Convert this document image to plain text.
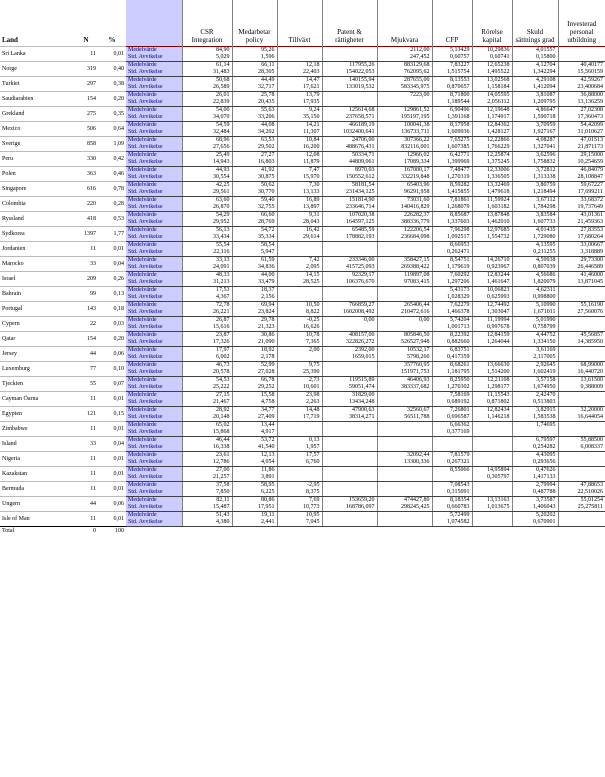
Land	N	%		CSR Integration	Medarbetar policy	Tillväxt	Patent & rättigheter	Mjukvara	CFP	Rörelse kapital	Skuld sättnings grad	Investerad personal utbildning
Sri Lanka	11	0,01	Medelvärde	84,90	95,26			2112,00	5,13429	10,29836	4,01557	
			Std. Avvikelse	5,029	1,596			247,452	0,60757	0,60741	0,15800	
Norge	319	0,40	Medelvärde	61,14	66,11	12,18	117955,26	883129,68	7,83227	12,65238	4,12704	40,40177
			Std. Avvikelse	31,483	28,305	22,403	154022,053	762095,62	1,515754	1,495522	1,342294	15,560159
Turkiet	297	0,38	Medelvärde	50,68	44,49	14,47	140155,94	287655,00	8,13553	13,02568	4,29108	42,59267
			Std. Avvikelse	26,589	32,717	17,621	133019,532	583345,975	0,870657	1,158184	1,412094	23,400684
Saudiarabien	154	0,20	Medelvärde	26,01	25,78	13,79		7223,00	8,71800	14,05595	3,81087	36,88000
			Std. Avvikelse	22,839	20,435	17,935			1,189544	2,056112	1,209795	13,136259
Grekland	275	0,35	Medelvärde	54,00	55,63	9,24	125614,68	129861,52	6,90496	12,19648	4,86647	27,02308
			Std. Avvikelse	34,070	33,206	35,150	237658,571	195197,195	1,391168	1,174917	1,590718	17,360473
Mexico	506	0,64	Medelvärde	54,59	44,08	14,21	466189,19	100041,38	8,17958	12,84362	3,70959	54,42099
			Std. Avvikelse	32,484	34,202	11,307	1032400,641	136733,711	1,609936	1,428127	1,927167	31,010627
Sverige	858	1,09	Medelvärde	68,96	63,53	10,84	24706,00	307366,22	7,65275	12,22866	4,08287	47,01513
			Std. Avvikelse	27,656	29,502	16,200	488676,431	832116,001	1,607385	1,766229	1,327041	21,871173
Peru	330	0,42	Medelvärde	25,49	27,27	12,08	50334,71	12966,02	6,42771	12,25874	3,62596	29,15000
			Std. Avvikelse	14,943	16,803	11,879	44809,061	17089,334	1,399969	1,375245	1,758832	10,254659
Polen	363	0,46	Medelvärde	44,93	41,92	7,47	8970,03	167000,17	7,48477	12,33006	3,72812	46,84079
			Std. Avvikelse	30,554	30,875	15,970	150552,612	332219,848	1,270319	1,336505	1,313338	28,108847
Singapore	616	0,78	Medelvärde	42,25	50,62	7,30	58181,54	65403,96	8,59282	13,32469	3,80759	59,67227
			Std. Avvikelse	29,561	30,770	13,133	231434,125	96291,958	1,415855	1,479618	1,218494	17,699211
Colombia	220	0,28	Medelvärde	63,60	59,40	16,89	151814,90	73031,60	7,81861	11,59924	3,67112	33,68372
			Std. Avvikelse	26,870	32,755	13,897	233646,714	140416,829	1,268079	1,603182	1,784298	19,737649
Ryssland	418	0,53	Medelvärde	54,29	66,60	9,31	107020,38	226282,37	8,85687	13,87848	3,83584	43,01361
			Std. Avvikelse	29,952	28,769	28,043	164597,125	388336,779	1,337603	1,462010	1,607733	21,459363
Sydkorea	1397	1,77	Medelvärde	56,13	54,72	16,42	65485,59	122206,54	7,96298	12,97685	4,01435	27,83553
			Std. Avvikelse	33,434	35,334	29,614	178882,193	236684,098	1,092517	1,554732	1,729080	17,680264
Jordanien	11	0,01	Medelvärde	55,54	58,54				8,66953		4,13595	33,00667
			Std. Avvikelse	22,116	5,947				0,262471		0,211255	3,318889
Marocko	33	0,04	Medelvärde	33,13	61,59	7,42	233346,00	358427,15	8,54751	14,26710	4,59938	29,73300
			Std. Avvikelse	24,091	34,836	2,095	415725,093	269388,422	1,179619	0,923967	0,807039	26,446589
Israel	209	0,26	Medelvärde	48,33	44,00	14,15	92329,17	119897,08	7,60292	12,83244	4,56686	41,46000
			Std. Avvikelse	31,213	33,479	28,525	106376,670	97083,415	1,297206	1,461647	1,820079	13,871045
Bahrain	99	0,13	Medelvärde	17,53	18,37				5,43173	10,06823	4,62311	
			Std. Avvikelse	4,367	2,156				1,028329	0,625993	0,998800	
Portugal	143	0,18	Medelvärde	72,78	69,94	10,50	766859,27	265406,44	7,62279	12,74492	5,10990	55,16190
			Std. Avvikelse	26,221	23,824	8,822	1602008,492	210472,616	1,466378	1,303047	1,671011	27,560076
Cypern	22	0,03	Medelvärde	26,87	29,78	-0,25	0,00	0,00	5,74204	11,19994	5,01990	
			Std. Avvikelse	15,616	21,323	16,626			1,001713	0,997678	0,758799	
Qatar	154	0,20	Medelvärde	23,87	30,86	10,78	408157,00	805846,50	8,22392	12,84159	4,44752	45,56857
			Std. Avvikelse	17,326	21,090	7,365	322826,272	526527,948	0,882660	1,264044	1,334150	14,385950
Jersey	44	0,06	Medelvärde	17,97	18,92	2,00	2392,00	10532,17	6,83751		3,61169	
			Std. Avvikelse	6,002	2,178		1659,015	5798,266	0,417359		2,117005	
Luxemburg	77	0,10	Medelvärde	46,73	52,99	9,75		357760,95	8,68261	13,66630	2,92645	68,99000
			Std. Avvikelse	20,578	27,028	25,390		151971,753	1,181795	1,514200	1,602419	16,440720
Tjeckien	55	0,07	Medelvärde	54,53	66,78	2,73	119515,89	46406,93	8,25950	12,21108	3,57158	13,61500
			Std. Avvikelse	25,222	29,252	10,601	59051,474	383337,682	1,270302	1,298177	1,674950	0,388009
Cayman Öarna	11	0,01	Medelvärde	27,15	15,58	23,98	31829,00		7,58169	11,15543	2,42470	
			Std. Avvikelse	21,467	4,758	2,263	13434,248		0,689192	0,871802	0,513803	
Egypten	121	0,15	Medelvärde	28,92	34,77	14,48	47900,63	32560,67	7,26801	12,82434	3,82915	32,20000
			Std. Avvikelse	20,148	27,409	17,719	38314,271	56511,788	0,696587	1,146218	1,583538	16,644054
Zimbabwe	11	0,01	Medelvärde	65,02	13,44				6,66362		1,74695	
			Std. Avvikelse	15,868	4,917				0,377169			
Island	33	0,04	Medelvärde	46,44	53,72	0,13					6,79597	55,88500
			Std. Avvikelse	16,338	41,540	1,957					0,254282	6,008337
Nigeria	11	0,01	Medelvärde	23,61	12,13	17,57		32092,44	7,81579		4,43095	
			Std. Avvikelse	12,786	4,054	6,760		13300,336	0,267321		0,293656	
Kazakstan	11	0,01	Medelvärde	27,00	11,86				8,55066	14,95894	0,47626	
			Std. Avvikelse	21,257	3,891					0,305797	1,417133	
Bermuda	11	0,01	Medelvärde	37,58	58,95	-2,95			7,08543		2,79994	47,88653
			Std. Avvikelse	7,850	6,225	8,375			0,315091		0,487788	22,510026
Ungern	44	0,06	Medelvärde	82,11	80,86	7,69	153659,20	474427,80	8,18354	13,13163	3,73587	55,01254
			Std. Avvikelse	15,487	17,951	10,773	168786,097	298245,425	0,660783	1,013675	1,406043	25,275811
Isle of Man	11	0,01	Medelvärde	51,43	19,11	10,95			5,72499		5,20202	
			Std. Avvikelse	4,380	2,441	7,045			1,074582		0,670901	
Total	0	100										
